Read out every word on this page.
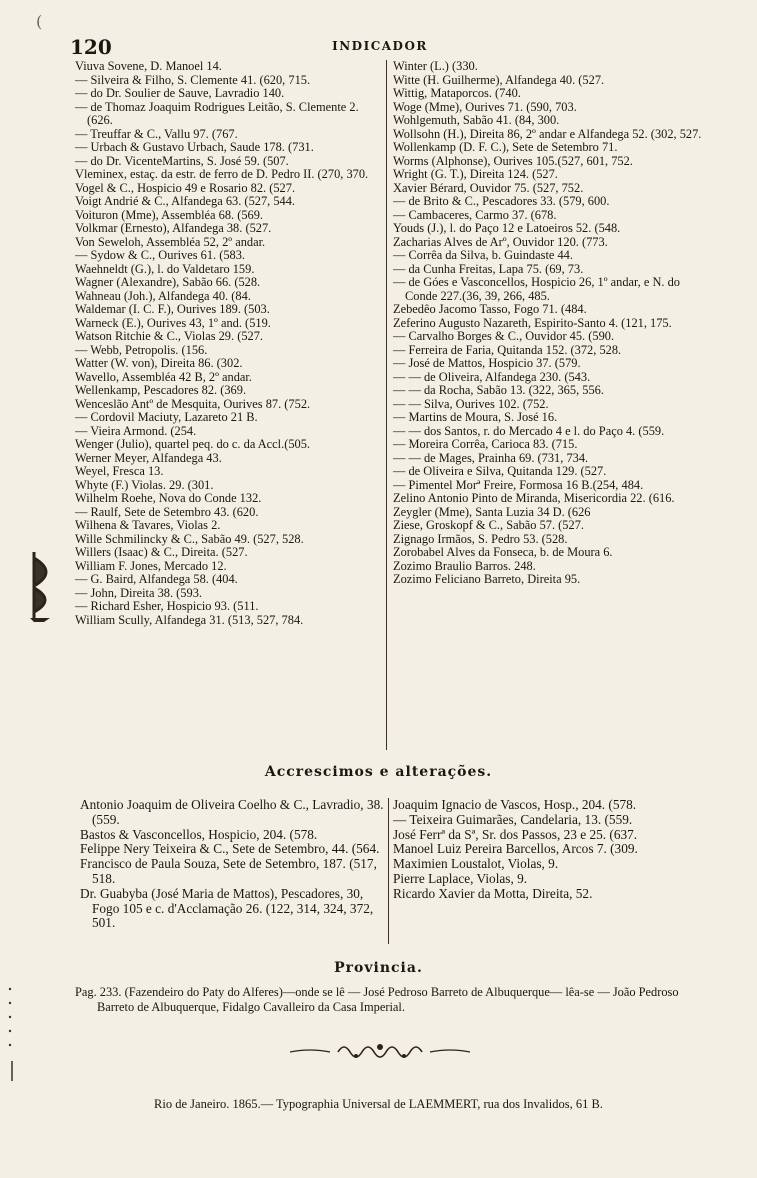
120	INDICADOR
(
Viuva Sovene, D. Manoel 14.
— Silveira & Filho, S. Clemente 41. (620, 715.
— do Dr. Soulier de Sauve, Lavradio 140.
— de Thomaz Joaquim Rodrigues Leitão, S. Clemente 2. (626.
— Treuffar & C., Vallu 97. (767.
— Urbach & Gustavo Urbach, Saude 178. (731.
— do Dr. VicenteMartins, S. José 59. (507.
Vleminex, estaç. da estr. de ferro de D. Pedro II. (270, 370.
Vogel & C., Hospicio 49 e Rosario 82. (527.
Voigt Andrié & C., Alfandega 63. (527, 544.
Voituron (Mme), Assembléa 68. (569.
Volkmar (Ernesto), Alfandega 38. (527.
Von Seweloh, Assembléa 52, 2º andar.
— Sydow & C., Ourives 61. (583.
Waehneldt (G.), l. do Valdetaro 159.
Wagner (Alexandre), Sabão 66. (528.
Wahneau (Joh.), Alfandega 40. (84.
Waldemar (I. C. F.), Ourives 189. (503.
Warneck (E.), Ourives 43, 1º and. (519.
Watson Ritchie & C., Violas 29. (527.
— Webb, Petropolis. (156.
Watter (W. von), Direita 86. (302.
Wavello, Assembléa 42 B, 2º andar.
Wellenkamp, Pescadores 82. (369.
Wenceslão Antº de Mesquita, Ourives 87. (752.
— Cordovil Maciuty, Lazareto 21 B.
— Vieira Armond. (254.
Wenger (Julio), quartel peq. do c. da Accl.(505.
Werner Meyer, Alfandega 43.
Weyel, Fresca 13.
Whyte (F.) Violas. 29. (301.
Wilhelm Roehe, Nova do Conde 132.
— Raulf, Sete de Setembro 43. (620.
Wilhena & Tavares, Violas 2.
Wille Schmilincky & C., Sabão 49. (527, 528.
Willers (Isaac) & C., Direita. (527.
William F. Jones, Mercado 12.
— G. Baird, Alfandega 58. (404.
— John, Direita 38. (593.
— Richard Esher, Hospicio 93. (511.
William Scully, Alfandega 31. (513, 527, 784.
Winter (L.) (330.
Witte (H. Guilherme), Alfandega 40. (527.
Wittig, Mataporcos. (740.
Woge (Mme), Ourives 71. (590, 703.
Wohlgemuth, Sabão 41. (84, 300.
Wollsohn (H.), Direita 86, 2º andar e Alfandega 52. (302, 527.
Wollenkamp (D. F. C.), Sete de Setembro 71.
Worms (Alphonse), Ourives 105.(527, 601, 752.
Wright (G. T.), Direita 124. (527.
Xavier Bérard, Ouvidor 75. (527, 752.
— de Brito & C., Pescadores 33. (579, 600.
— Cambaceres, Carmo 37. (678.
Youds (J.), l. do Paço 12 e Latoeiros 52. (548.
Zacharias Alves de Arº, Ouvidor 120. (773.
— Corrêa da Silva, b. Guindaste 44.
— da Cunha Freitas, Lapa 75. (69, 73.
— de Góes e Vasconcellos, Hospicio 26, 1º andar, e N. do Conde 227.(36, 39, 266, 485.
Zebedêo Jacomo Tasso, Fogo 71. (484.
Zeferino Augusto Nazareth, Espirito-Santo 4. (121, 175.
— Carvalho Borges & C., Ouvidor 45. (590.
— Ferreira de Faria, Quitanda 152. (372, 528.
— José de Mattos, Hospicio 37. (579.
— — de Oliveira, Alfandega 230. (543.
— — da Rocha, Sabão 13. (322, 365, 556.
— — Silva, Ourives 102. (752.
— Martins de Moura, S. José 16.
— — dos Santos, r. do Mercado 4 e l. do Paço 4. (559.
— Moreira Corrêa, Carioca 83. (715.
— — de Mages, Prainha 69. (731, 734.
— de Oliveira e Silva, Quitanda 129. (527.
— Pimentel Morª Freire, Formosa 16 B.(254, 484.
Zelino Antonio Pinto de Miranda, Misericordia 22. (616.
Zeygler (Mme), Santa Luzia 34 D. (626
Ziese, Groskopf & C., Sabão 57. (527.
Zignago Irmãos, S. Pedro 53. (528.
Zorobabel Alves da Fonseca, b. de Moura 6.
Zozimo Braulio Barros. 248.
Zozimo Feliciano Barreto, Direita 95.
Accrescimos e alterações.
Antonio Joaquim de Oliveira Coelho & C., Lavradio, 38. (559.
Bastos & Vasconcellos, Hospicio, 204. (578.
Felippe Nery Teixeira & C., Sete de Setembro, 44. (564.
Francisco de Paula Souza, Sete de Setembro, 187. (517, 518.
Dr. Guabyba (José Maria de Mattos), Pescadores, 30, Fogo 105 e c. d'Acclamação 26. (122, 314, 324, 372, 501.
Joaquim Ignacio de Vascos, Hosp., 204. (578.
— Teixeira Guimarães, Candelaria, 13. (559.
José Ferrª da Sª, Sr. dos Passos, 23 e 25. (637.
Manoel Luiz Pereira Barcellos, Arcos 7. (309.
Maximien Loustalot, Violas, 9.
Pierre Laplace, Violas, 9.
Ricardo Xavier da Motta, Direita, 52.
Provincia.

Pag. 233. (Fazendeiro do Paty do Alferes)—onde se lê — José Pedroso Barreto de Albuquerque— lêa-se — João Pedroso Barreto de Albuquerque, Fidalgo Cavalleiro da Casa Imperial.

Rio de Janeiro. 1865.— Typographia Universal de LAEMMERT, rua dos Invalidos, 61 B.
